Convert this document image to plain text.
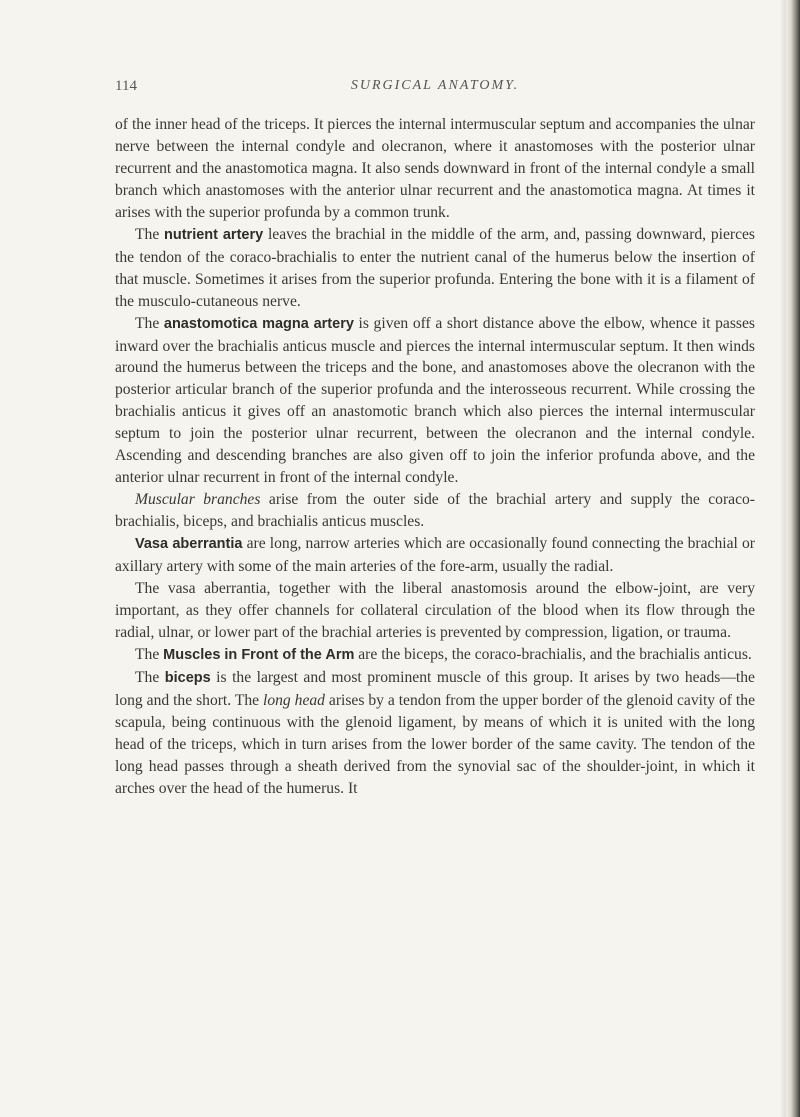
114	SURGICAL ANATOMY.

of the inner head of the triceps. It pierces the internal intermuscular septum and accompanies the ulnar nerve between the internal condyle and olecranon, where it anastomoses with the posterior ulnar recurrent and the anastomotica magna. It also sends downward in front of the internal condyle a small branch which anastomoses with the anterior ulnar recurrent and the anastomotica magna. At times it arises with the superior profunda by a common trunk.

The nutrient artery leaves the brachial in the middle of the arm, and, passing downward, pierces the tendon of the coraco-brachialis to enter the nutrient canal of the humerus below the insertion of that muscle. Sometimes it arises from the superior profunda. Entering the bone with it is a filament of the musculo-cutaneous nerve.

The anastomotica magna artery is given off a short distance above the elbow, whence it passes inward over the brachialis anticus muscle and pierces the internal intermuscular septum. It then winds around the humerus between the triceps and the bone, and anastomoses above the olecranon with the posterior articular branch of the superior profunda and the interosseous recurrent. While crossing the brachialis anticus it gives off an anastomotic branch which also pierces the internal intermuscular septum to join the posterior ulnar recurrent, between the olecranon and the internal condyle. Ascending and descending branches are also given off to join the inferior profunda above, and the anterior ulnar recurrent in front of the internal condyle.

Muscular branches arise from the outer side of the brachial artery and supply the coraco-brachialis, biceps, and brachialis anticus muscles.

Vasa aberrantia are long, narrow arteries which are occasionally found connecting the brachial or axillary artery with some of the main arteries of the fore-arm, usually the radial.

The vasa aberrantia, together with the liberal anastomosis around the elbow-joint, are very important, as they offer channels for collateral circulation of the blood when its flow through the radial, ulnar, or lower part of the brachial arteries is prevented by compression, ligation, or trauma.

The Muscles in Front of the Arm are the biceps, the coraco-brachialis, and the brachialis anticus.

The biceps is the largest and most prominent muscle of this group. It arises by two heads—the long and the short. The long head arises by a tendon from the upper border of the glenoid cavity of the scapula, being continuous with the glenoid ligament, by means of which it is united with the long head of the triceps, which in turn arises from the lower border of the same cavity. The tendon of the long head passes through a sheath derived from the synovial sac of the shoulder-joint, in which it arches over the head of the humerus. It
